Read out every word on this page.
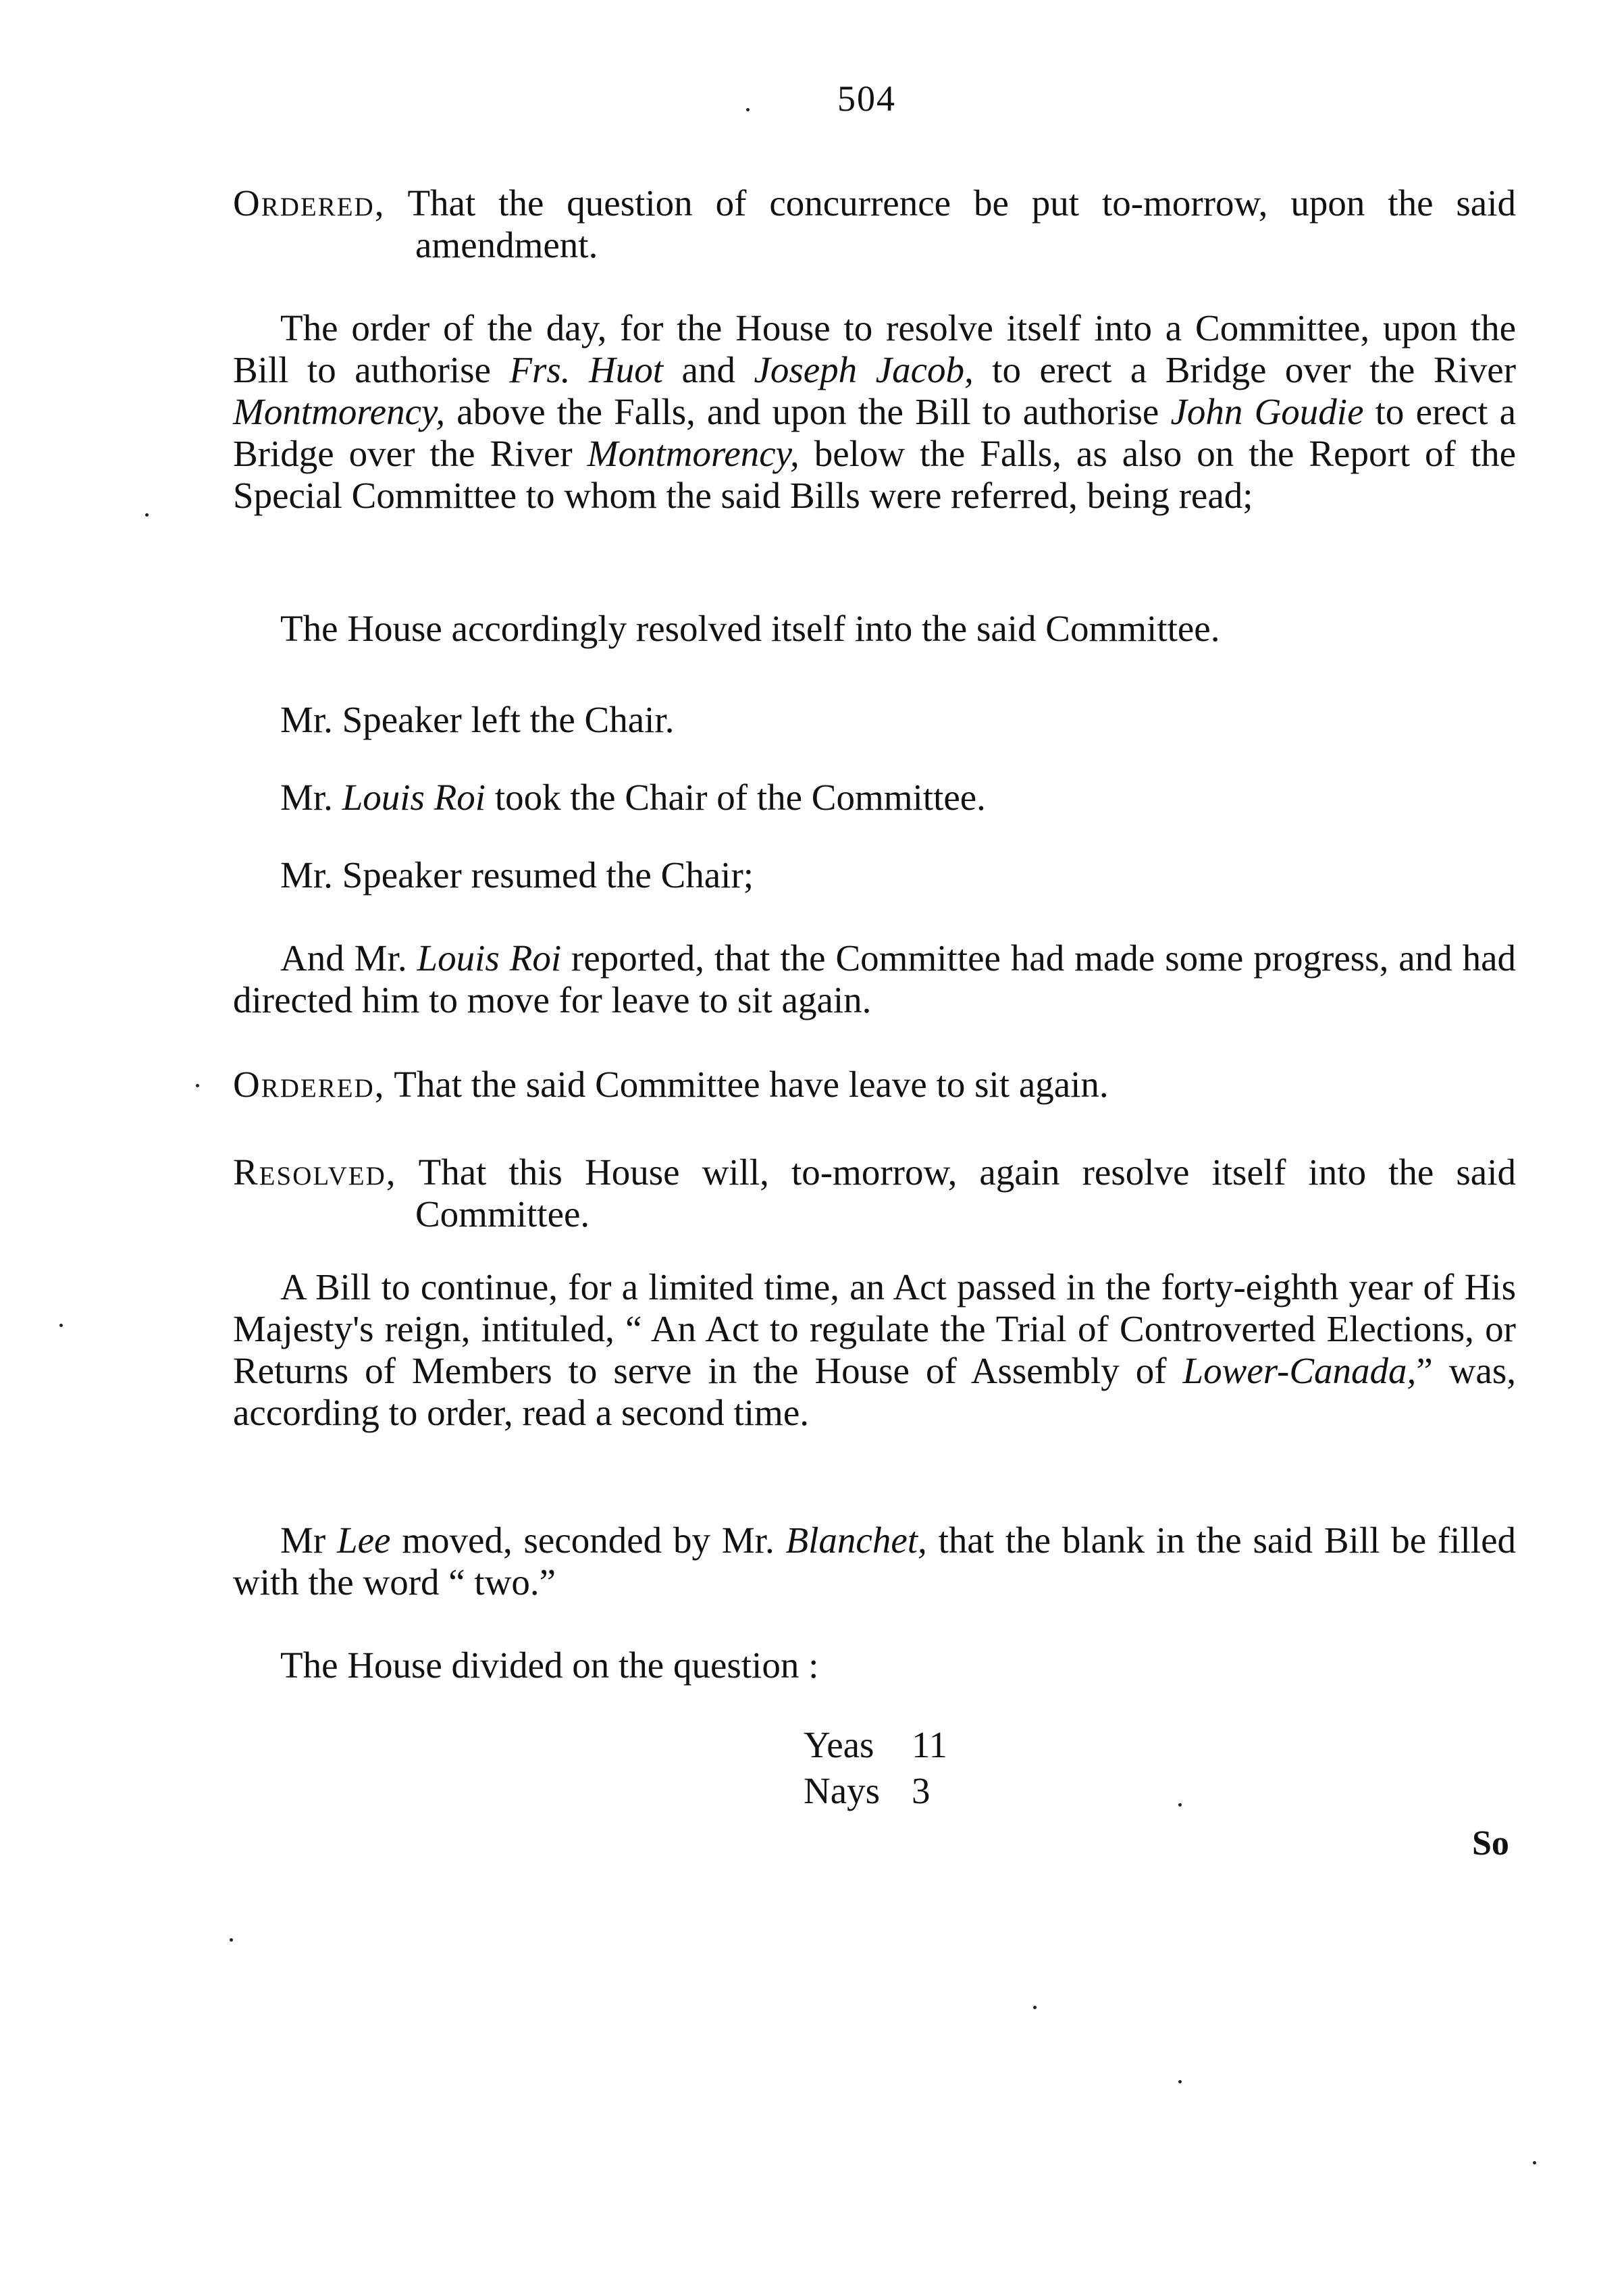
504

Ordered, That the question of concurrence be put to-morrow, upon the said amendment.

The order of the day, for the House to resolve itself into a Committee, upon the Bill to authorise Frs. Huot and Joseph Jacob, to erect a Bridge over the River Montmorency, above the Falls, and upon the Bill to authorise John Goudie to erect a Bridge over the River Montmorency, below the Falls, as also on the Report of the Special Committee to whom the said Bills were referred, being read;

The House accordingly resolved itself into the said Committee.

Mr. Speaker left the Chair.

Mr. Louis Roi took the Chair of the Committee.

Mr. Speaker resumed the Chair;

And Mr. Louis Roi reported, that the Committee had made some progress, and had directed him to move for leave to sit again.

Ordered, That the said Committee have leave to sit again.

Resolved, That this House will, to-morrow, again resolve itself into the said Committee.

A Bill to continue, for a limited time, an Act passed in the forty-eighth year of His Majesty's reign, intituled, “ An Act to regulate the Trial of Controverted Elections, or Returns of Members to serve in the House of Assembly of Lower-Canada,” was, according to order, read a second time.

Mr Lee moved, seconded by Mr. Blanchet, that the blank in the said Bill be filled with the word “ two.”

The House divided on the question :

Yeas	11
Nays 3
So
